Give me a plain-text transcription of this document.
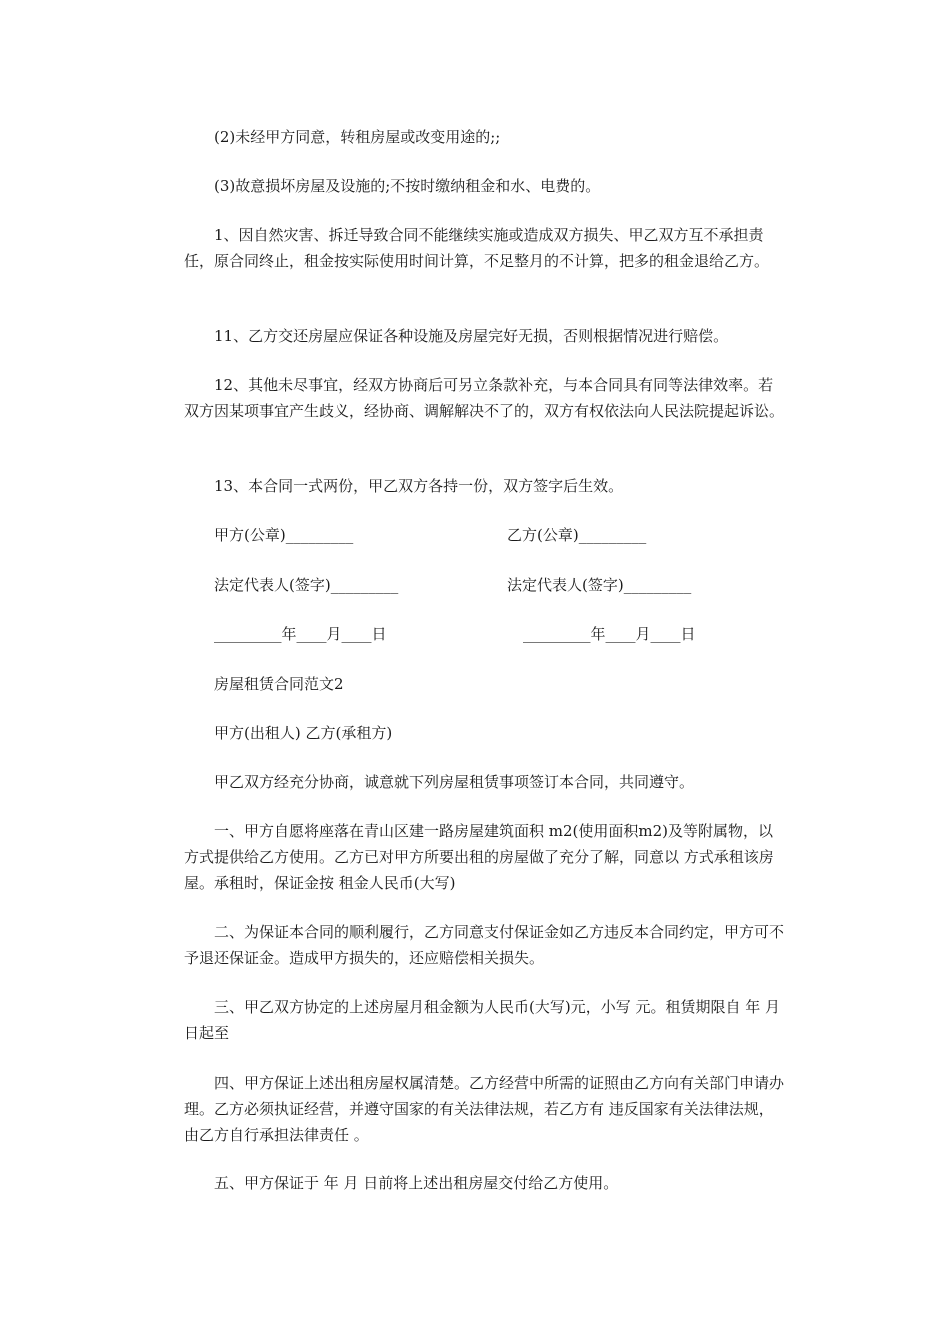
(2)未经甲方同意，转租房屋或改变用途的;;

(3)故意损坏房屋及设施的;不按时缴纳租金和水、电费的。

1、因自然灾害、拆迁导致合同不能继续实施或造成双方损失、甲乙双方互不承担责任，原合同终止，租金按实际使用时间计算，不足整月的不计算，把多的租金退给乙方。

11、乙方交还房屋应保证各种设施及房屋完好无损，否则根据情况进行赔偿。

12、其他未尽事宜，经双方协商后可另立条款补充，与本合同具有同等法律效率。若双方因某项事宜产生歧义，经协商、调解解决不了的，双方有权依法向人民法院提起诉讼。

13、本合同一式两份，甲乙双方各持一份，双方签字后生效。

甲方(公章)_________	乙方(公章)_________
法定代表人(签字)_________	法定代表人(签字)_________
_________年____月____日	_________年____月____日
房屋租赁合同范文2
甲方(出租人) 乙方(承租方)

甲乙双方经充分协商，诚意就下列房屋租赁事项签订本合同，共同遵守。

一、甲方自愿将座落在青山区建一路房屋建筑面积 m2(使用面积m2)及等附属物，以方式提供给乙方使用。乙方已对甲方所要出租的房屋做了充分了解，同意以 方式承租该房屋。承租时，保证金按 租金人民币(大写)

二、为保证本合同的顺利履行，乙方同意支付保证金如乙方违反本合同约定，甲方可不予退还保证金。造成甲方损失的，还应赔偿相关损失。

三、甲乙双方协定的上述房屋月租金额为人民币(大写)元，小写 元。租赁期限自 年 月 日起至

四、甲方保证上述出租房屋权属清楚。乙方经营中所需的证照由乙方向有关部门申请办理。乙方必须执证经营，并遵守国家的有关法律法规，若乙方有 违反国家有关法律法规，由乙方自行承担法律责任 。

五、甲方保证于 年 月 日前将上述出租房屋交付给乙方使用。
